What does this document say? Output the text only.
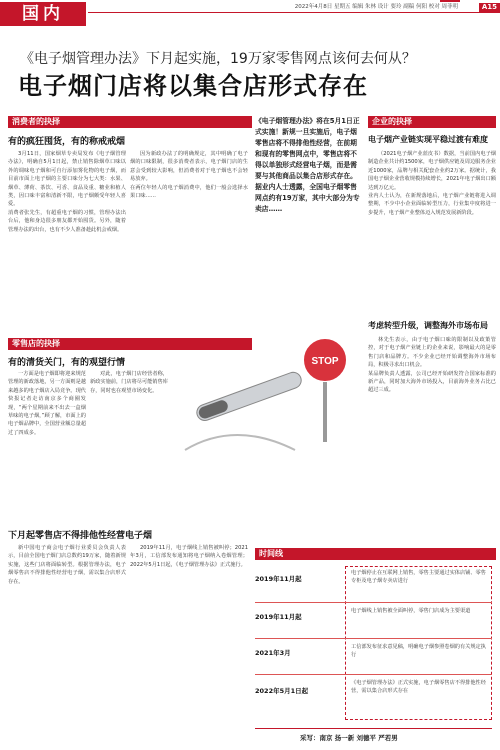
国内	2022年4月8日 星期五 编辑 朱林 设计 要玲 副稿 何阳 校对 周菲明	A15
《电子烟管理办法》下月起实施，19万家零售网点该何去何从？
电子烟门店将以集合店形式存在
消费者的抉择
有的疯狂囤货，有的称戒戒烟
3月11日，国家烟草专卖局发布《电子烟管理办法》，明确自5月1日起，禁止销售除烟草口味以外的调味电子烟和可自行添加雾化物的电子烟，而目前市面上电子烟的主要口味分为七大类：水果、烟草、薄荷、茶饮、可香、食品及重、糖业和植人类，因口味丰富和清新不限，电子烟颇受年轻人喜爱。
消费者张先生，有超重电子烟的习惯，管理办法出台后，他和身边很多朋友都开始囤货。另外，随着管理办法的出台，也有不少人准备趁此机会戒烟。
因为新政办法了的明确规定，其中明确了电子烟的口味限制，很多消费者表示，电子烟门店的生意会受到较大影响，但消费者对于电子烟也不会轻易放弃。
在两位年轻人的电子烟消费中，他们一般会选择水果口味……
《电子烟管理办法》将在5月1日正式实施！新规一旦实施后，电子烟零售店将不得排他性经营，在前期和现有的零售网点中，零售店将不得以单独形式经营电子烟，而是需要与其他商品以集合店形式存在。据业内人士透露，全国电子烟零售网点约有19万家，其中大部分为专卖店……
零售店的抉择
有的清货关门，有的观望行情
一方面是电子烟即将迎来规范管理的新政落地，另一方面则是越来越多的电子烟店入局竞争。现代快报记者走访南京多个商圈发现，“两个星期前来不出去一盒烟草味的电子烟，”顾了解，市面上的电子烟品牌中，全国营业额总量超过了四成多。
对此，电子烟门店经营者称，新政实施前，门店将尽可能销售库存，同时也在观望市场变化。
STOP
下月起零售店不得排他性经营电子烟
新中国电子商会电子烟行业委员会负责人表示，目前全国电子烟门店总数约19万家，随着新规实施，这些门店将面临转型。根据管理办法，电子烟零售店不得排他性经营电子烟，需以集合店形式存在。
2019年11月，电子烟线上销售被叫停；2021年3月，工信部发布通知将电子烟纳入卷烟管理；2022年5月1日起，《电子烟管理办法》正式施行。
企业的抉择
电子烟产业链实现平稳过渡有难度
（2021电子烟产业蓝皮书）数据，当前国内电子烟制造企业共计约1500家，电子烟供应链及周边服务企业近1000家，品牌与相关配套企业约2万家。据统计，我国电子烟企业营收规模持续增长，2021年电子烟出口额达到万亿元。
业内人士认为，在新规落地后，电子烟产业链将进入调整期，不少中小企业面临转型压力，行业集中度将进一步提升，电子烟产业整体迈入规范发展新阶段。
考虑转型升级，调整海外市场布局
林先生表示，由于电子烟口味的限制以及政策管控，对于电子烟产业链上的企业来说，影响最大的是零售门店和品牌方。不少企业已经开始调整海外市场布局，积极寻求出口机会。
某品牌负责人透露，公司已经开始研发符合国家标准的新产品，同时加大海外市场投入，目前海外业务占比已超过三成。
时间线
2019年11月起
电子烟停止在互联网上销售，零售主要通过实体店铺、零售专柜及电子烟专卖店进行
2019年11月起
电子烟线上销售被全面叫停，零售门店成为主要渠道
2021年3月
工信部发布征求意见稿，明确电子烟参照卷烟的有关规定执行
2022年5月1日起
《电子烟管理办法》正式实施，电子烟零售店不得排他性经营，需以集合店形式存在
采写：南京 扬一新 刘德平 严若男
